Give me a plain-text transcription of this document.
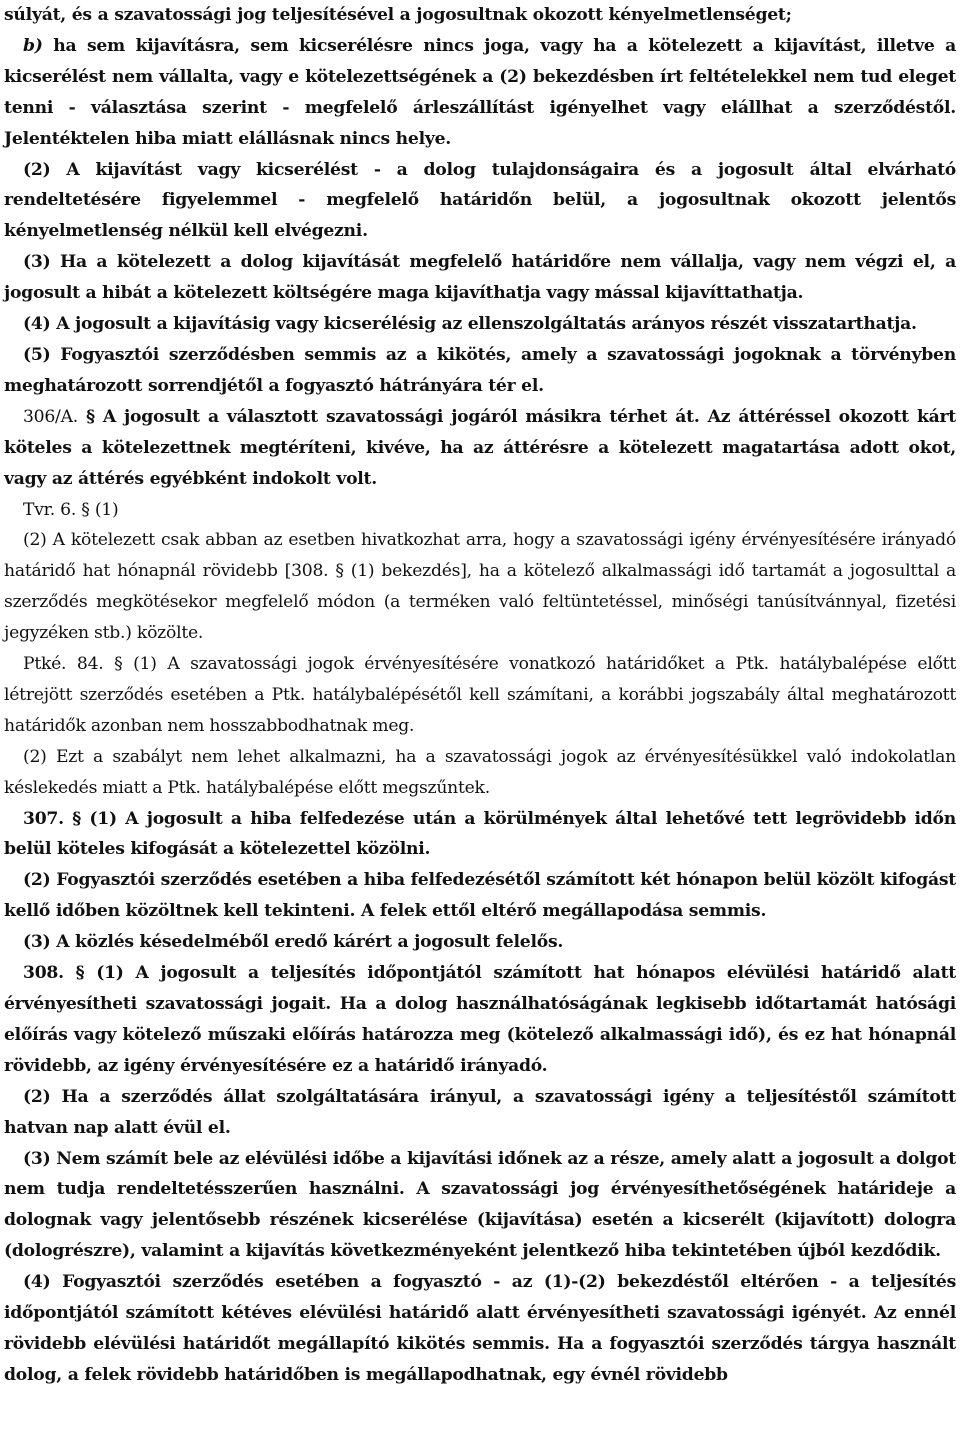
súlyát, és a szavatossági jog teljesítésével a jogosultnak okozott kényelmetlenséget;

b) ha sem kijavításra, sem kicserélésre nincs joga, vagy ha a kötelezett a kijavítást, illetve a kicserélést nem vállalta, vagy e kötelezettségének a (2) bekezdésben írt feltételekkel nem tud eleget tenni - választása szerint - megfelelő árleszállítást igényelhet vagy elállhat a szerződéstől. Jelentéktelen hiba miatt elállásnak nincs helye.

(2) A kijavítást vagy kicserélést - a dolog tulajdonságaira és a jogosult által elvárható rendeltetésére figyelemmel - megfelelő határidőn belül, a jogosultnak okozott jelentős kényelmetlenség nélkül kell elvégezni.

(3) Ha a kötelezett a dolog kijavítását megfelelő határidőre nem vállalja, vagy nem végzi el, a jogosult a hibát a kötelezett költségére maga kijavíthatja vagy mással kijavíttathatja.

(4) A jogosult a kijavításig vagy kicserélésig az ellenszolgáltatás arányos részét visszatarthatja.

(5) Fogyasztói szerződésben semmis az a kikötés, amely a szavatossági jogoknak a törvényben meghatározott sorrendjétől a fogyasztó hátrányára tér el.

306/A. § A jogosult a választott szavatossági jogáról másikra térhet át. Az áttéréssel okozott kárt köteles a kötelezettnek megtéríteni, kivéve, ha az áttérésre a kötelezett magatartása adott okot, vagy az áttérés egyébként indokolt volt.

Tvr. 6. § (1)

(2) A kötelezett csak abban az esetben hivatkozhat arra, hogy a szavatossági igény érvényesítésére irányadó határidő hat hónapnál rövidebb [308. § (1) bekezdés], ha a kötelező alkalmassági idő tartamát a jogosulttal a szerződés megkötésekor megfelelő módon (a terméken való feltüntetéssel, minőségi tanúsítvánnyal, fizetési jegyzéken stb.) közölte.

Ptké. 84. § (1) A szavatossági jogok érvényesítésére vonatkozó határidőket a Ptk. hatálybalépése előtt létrejött szerződés esetében a Ptk. hatálybalépésétől kell számítani, a korábbi jogszabály által meghatározott határidők azonban nem hosszabbodhatnak meg.

(2) Ezt a szabályt nem lehet alkalmazni, ha a szavatossági jogok az érvényesítésükkel való indokolatlan késlekedés miatt a Ptk. hatálybalépése előtt megszűntek.

307. § (1) A jogosult a hiba felfedezése után a körülmények által lehetővé tett legrövidebb időn belül köteles kifogását a kötelezettel közölni.

(2) Fogyasztói szerződés esetében a hiba felfedezésétől számított két hónapon belül közölt kifogást kellő időben közöltnek kell tekinteni. A felek ettől eltérő megállapodása semmis.

(3) A közlés késedelméből eredő kárért a jogosult felelős.

308. § (1) A jogosult a teljesítés időpontjától számított hat hónapos elévülési határidő alatt érvényesítheti szavatossági jogait. Ha a dolog használhatóságának legkisebb időtartamát hatósági előírás vagy kötelező műszaki előírás határozza meg (kötelező alkalmassági idő), és ez hat hónapnál rövidebb, az igény érvényesítésére ez a határidő irányadó.

(2) Ha a szerződés állat szolgáltatására irányul, a szavatossági igény a teljesítéstől számított hatvan nap alatt évül el.

(3) Nem számít bele az elévülési időbe a kijavítási időnek az a része, amely alatt a jogosult a dolgot nem tudja rendeltetésszerűen használni. A szavatossági jog érvényesíthetőségének határideje a dolognak vagy jelentősebb részének kicserélése (kijavítása) esetén a kicserélt (kijavított) dologra (dologrészre), valamint a kijavítás következményeként jelentkező hiba tekintetében újból kezdődik.

(4) Fogyasztói szerződés esetében a fogyasztó - az (1)-(2) bekezdéstől eltérően - a teljesítés időpontjától számított kétéves elévülési határidő alatt érvényesítheti szavatossági igényét. Az ennél rövidebb elévülési határidőt megállapító kikötés semmis. Ha a fogyasztói szerződés tárgya használt dolog, a felek rövidebb határidőben is megállapodhatnak, egy évnél rövidebb
